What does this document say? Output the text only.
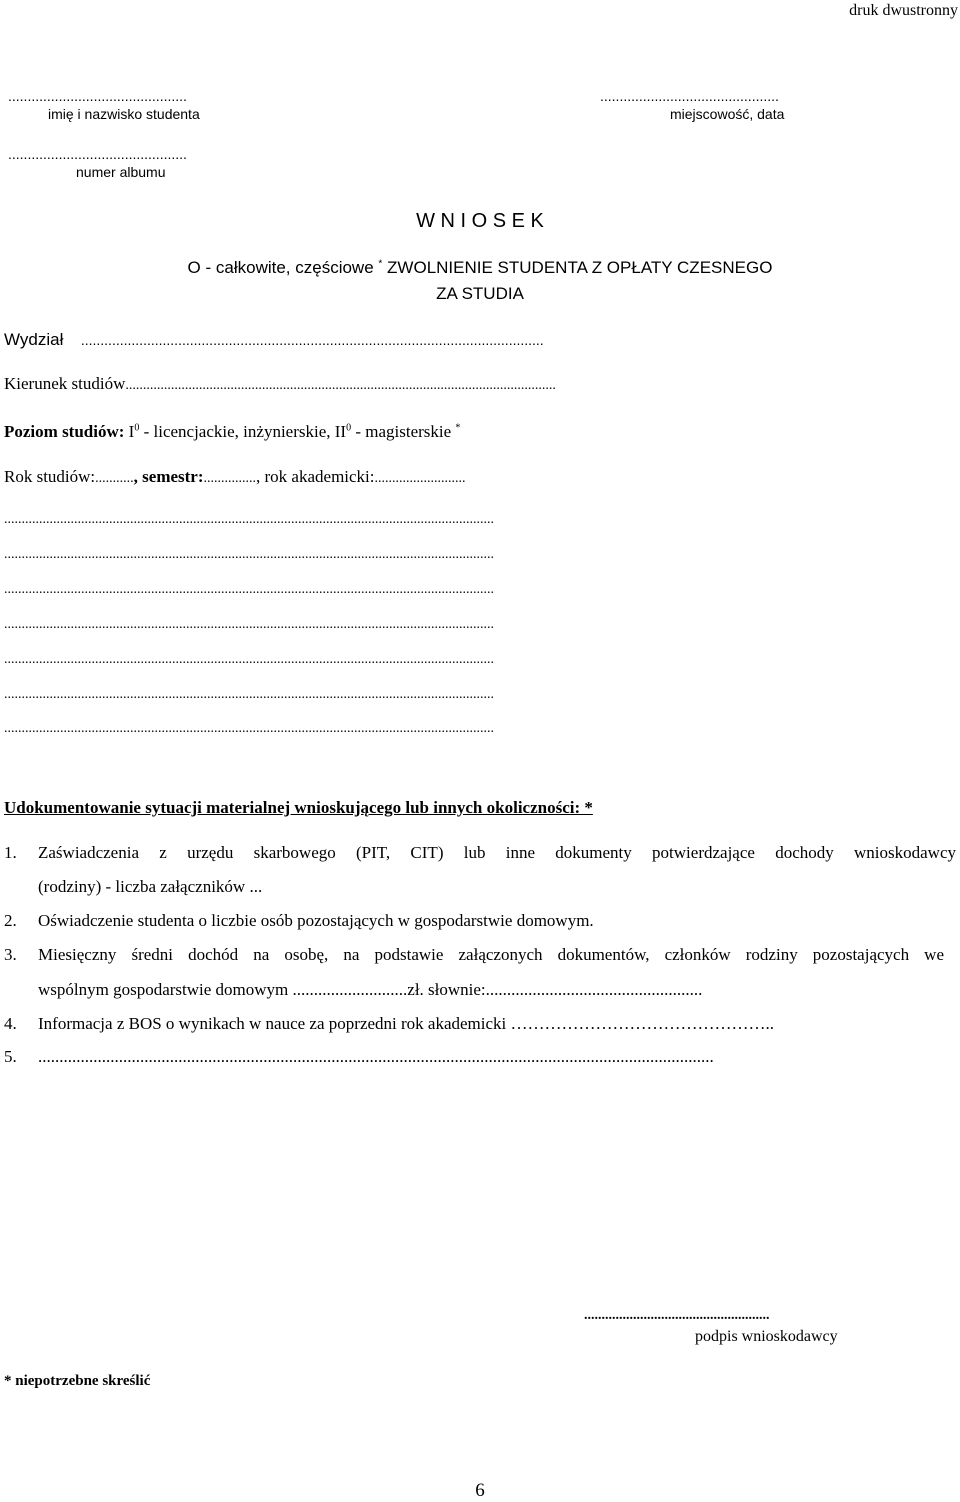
druk dwustronny
..............................................
imię i nazwisko studenta
..............................................
miejscowość, data
..............................................
numer albumu
W N I O S E K
O - całkowite, częściowe * ZWOLNIENIE STUDENTA Z OPŁATY CZESNEGO
ZA STUDIA
Wydział .......................................................................................................................
Kierunek studiów...........................................................................................................................
Poziom studiów: $I^0$ - licencjackie, inżynierskie, $II^0$ - magisterskie *
Rok studiów:..........., semestr:..............., rok akademicki:..........................
............................................................................................................................................
............................................................................................................................................
............................................................................................................................................
............................................................................................................................................
............................................................................................................................................
............................................................................................................................................
............................................................................................................................................
Udokumentowanie sytuacji materialnej wnioskującego lub innych okoliczności: *
1. Zaświadczenia z urzędu skarbowego (PIT, CIT) lub inne dokumenty potwierdzające dochody wnioskodawcy
(rodziny) - liczba załączników ...
2. Oświadczenie studenta o liczbie osób pozostających w gospodarstwie domowym.
3. Miesięczny średni dochód na osobę, na podstawie załączonych dokumentów, członków rodziny pozostających we
wspólnym gospodarstwie domowym ...........................zł. słownie:...................................................
4. Informacja z BOS o wynikach w nauce za poprzedni rok akademicki ………………………………………..
5. ...............................................................................................................................................................
.....................................................
podpis wnioskodawcy
* niepotrzebne skreślić
6
